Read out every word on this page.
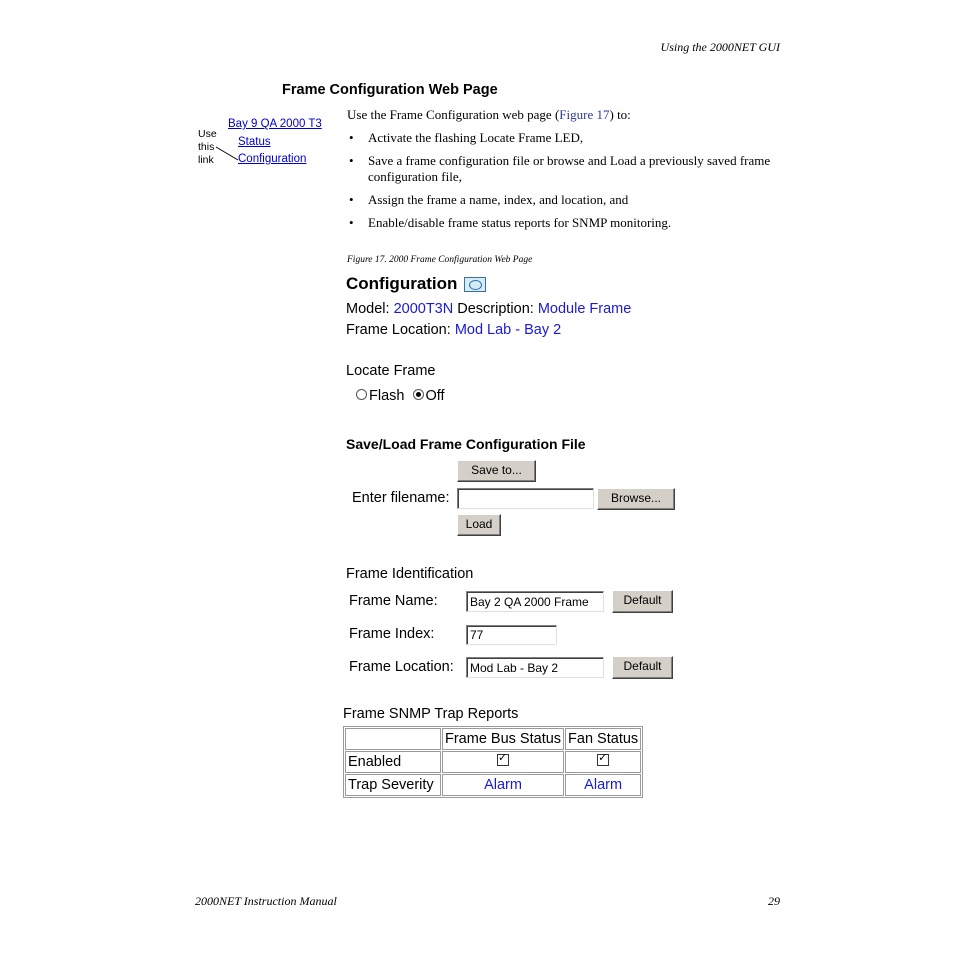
Using the 2000NET GUI
Frame Configuration Web Page
Use
this
link
Bay 9 QA 2000 T3
Status
Configuration
Use the Frame Configuration web page (Figure 17) to:
• Activate the flashing Locate Frame LED,
• Save a frame configuration file or browse and Load a previously saved frame configuration file,
• Assign the frame a name, index, and location, and
• Enable/disable frame status reports for SNMP monitoring.
Figure 17. 2000 Frame Configuration Web Page
Configuration
Model: 2000T3N Description: Module Frame
Frame Location: Mod Lab - Bay 2
Locate Frame
Flash Off
Save/Load Frame Configuration File
Save to...
Enter filename:	Browse...
Load
Frame Identification
Frame Name:
Bay 2 QA 2000 Frame	Default
Frame Index:
77
Frame Location:
Mod Lab - Bay 2	Default
Frame SNMP Trap Reports
	Frame Bus Status	Fan Status
Enabled	✓	✓
Trap Severity	Alarm	Alarm
2000NET Instruction Manual	29
